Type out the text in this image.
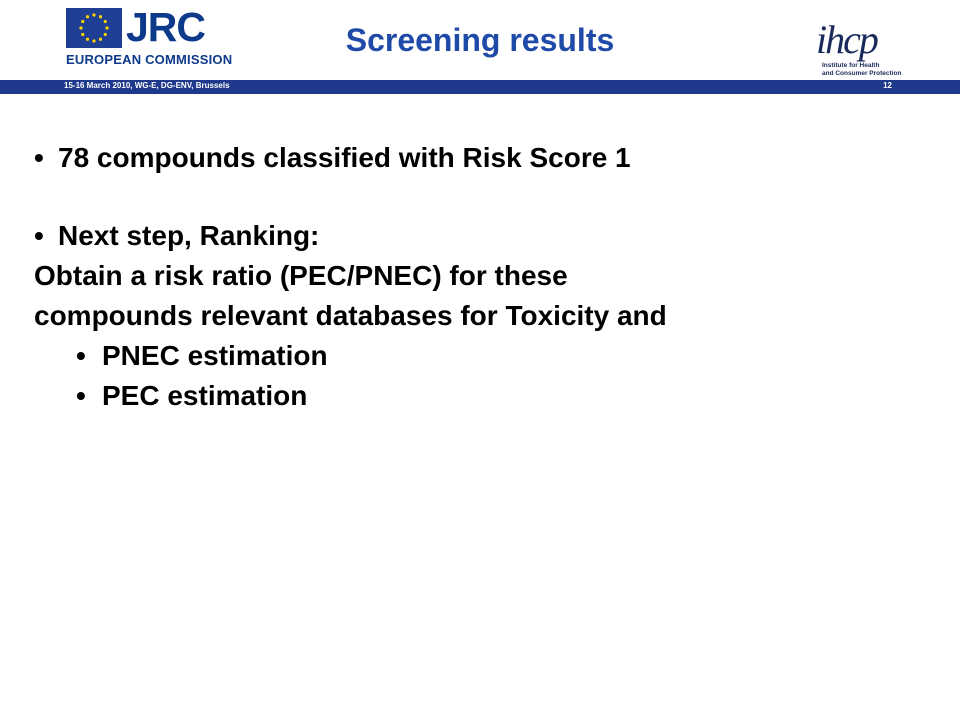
JRC
EUROPEAN COMMISSION
Screening results	ihcp
Institute for Health
and Consumer Protection
15-16 March 2010, WG-E, DG-ENV, Brussels	12
• 78 compounds classified with Risk Score 1
• Next step, Ranking:
Obtain a risk ratio (PEC/PNEC) for these
compounds relevant databases for Toxicity and
• PNEC estimation
• PEC estimation
